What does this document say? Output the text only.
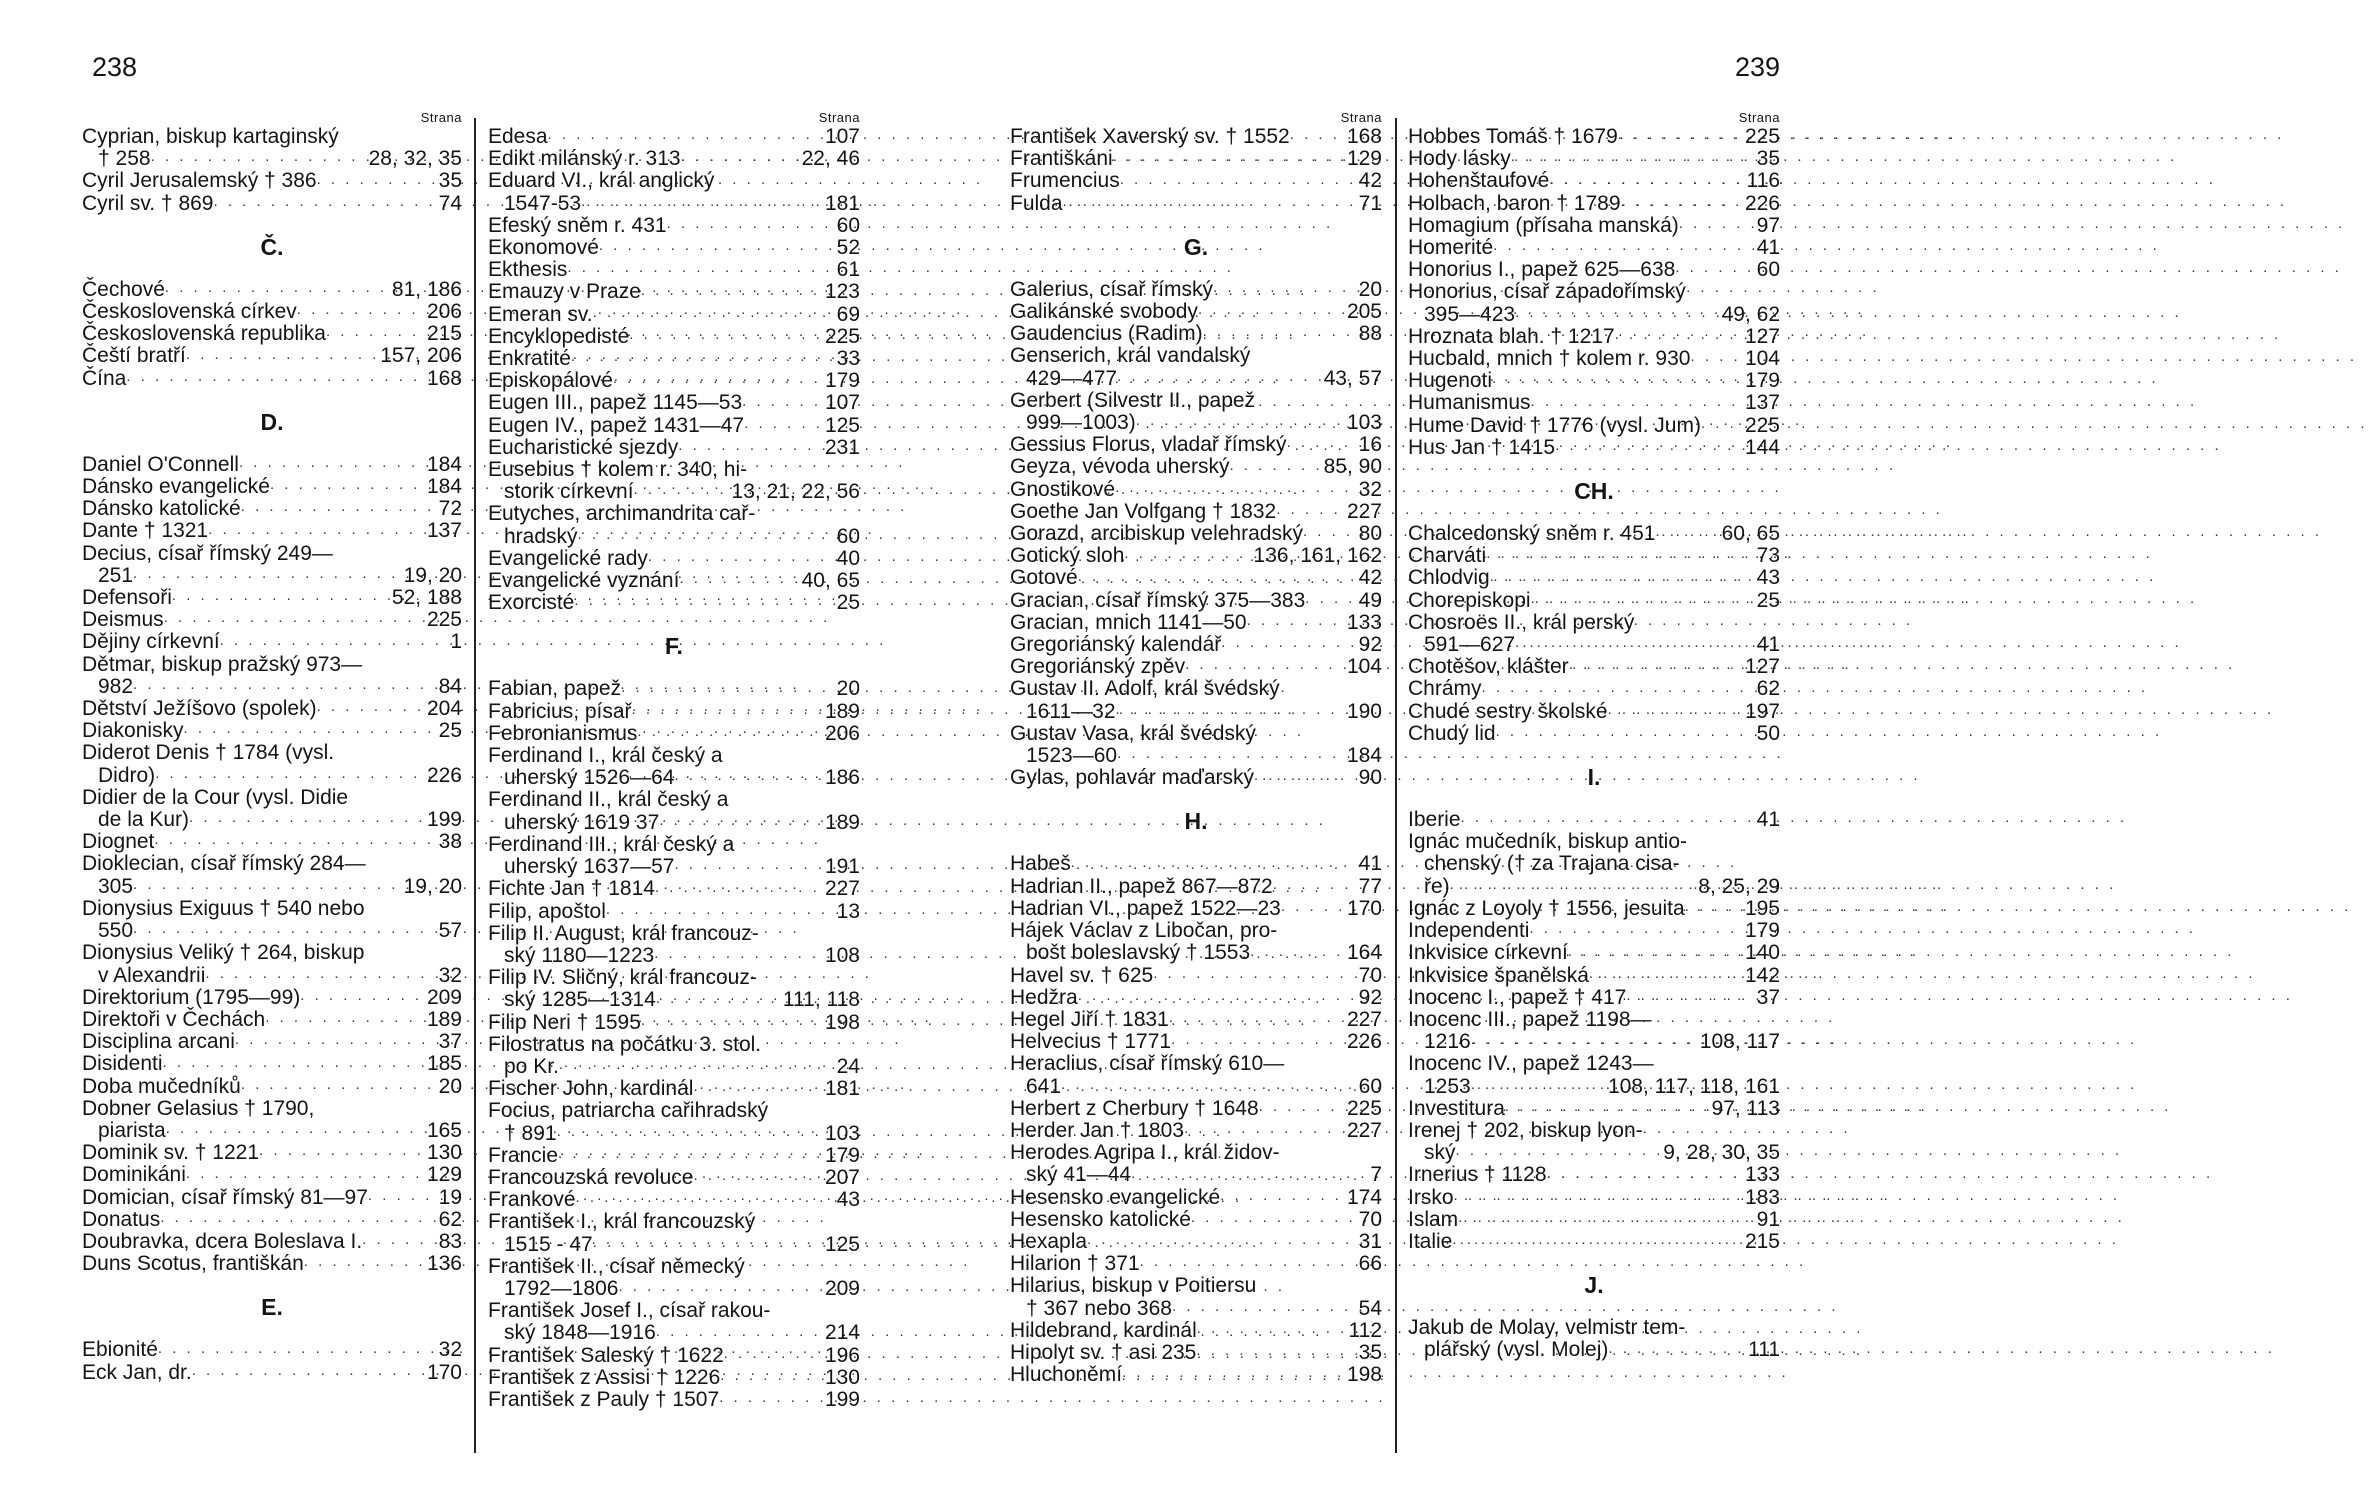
238	239
Strana
Cyprian, biskup kartaginský
† 258 . . .	28, 32, 35
Cyril Jerusalemský † 386 . . .	35
Cyril sv. † 869 . . .	74
Č.
Čechové . . .	81, 186
Československá církev . . .	206
Československá republika . . .	215
Čeští bratří . . .	157, 206
Čína . . .	168
D.
Daniel O'Connell . . .	184
Dánsko evangelické . . .	184
Dánsko katolické . . .	72
Dante † 1321 . . .	137
Decius, císař římský 249—
251 . . .	19, 20
Defensoři . . .	52, 188
Deismus . . .	225
Dějiny církevní . . .	1
Dětmar, biskup pražský 973—
982 . . .	84
Dětství Ježíšovo (spolek) . . .	204
Diakonisky . . .	25
Diderot Denis † 1784 (vysl.
Didro) . . .	226
Didier de la Cour (vysl. Didie
de la Kur) . . .	199
Diognet . . .	38
Dioklecian, císař římský 284—
305 . . .	19, 20
Dionysius Exiguus † 540 nebo
550 . . .	57
Dionysius Veliký † 264, biskup
v Alexandrii . . .	32
Direktorium (1795—99) . . .	209
Direktoři v Čechách . . .	189
Disciplina arcani . . .	37
Disidenti . . .	185
Doba mučedníků . . .	20
Dobner Gelasius † 1790,
piarista . . .	165
Dominik sv. † 1221 . . .	130
Dominikáni . . .	129
Domician, císař římský 81—97 . . .	19
Donatus . . .	62
Doubravka, dcera Boleslava I. . . .	83
Duns Scotus, františkán . . .	136
E.
Ebionité . . .	32
Eck Jan, dr. . . .	170
Strana
Edesa . . .	107
Edikt milánský r. 313 . . .	22, 46
Eduard VI., král anglický
1547-53 . . .	181
Efeský sněm r. 431 . . .	60
Ekonomové . . .	52
Ekthesis . . .	61
Emauzy v Praze . . .	123
Emeran sv. . . .	69
Encyklopedisté . . .	225
Enkratité . . .	33
Episkopálové . . .	179
Eugen III., papež 1145—53 . . .	107
Eugen IV., papež 1431—47 . . .	125
Eucharistické sjezdy . . .	231
Eusebius † kolem r. 340, hi-
storik církevní . . .	13, 21, 22, 56
Eutyches, archimandrita cař-
hradský . . .	60
Evangelické rady . . .	40
Evangelické vyznání . . .	40, 65
Exorcisté . . .	25
F.
Fabian, papež . . .	20
Fabricius, písař . . .	189
Febronianismus . . .	206
Ferdinand I., král český a
uherský 1526—64 . . .	186
Ferdinand II., král český a
uherský 1619 37 . . .	189
Ferdinand III., král český a
uherský 1637—57 . . .	191
Fichte Jan † 1814 . . .	227
Filip, apoštol . . .	13
Filip II. August, král francouz-
ský 1180—1223 . . .	108
Filip IV. Sličný, král francouz-
ský 1285—1314 . . .	111, 118
Filip Neri † 1595 . . .	198
Filostratus na počátku 3. stol.
po Kr. . . .	24
Fischer John, kardinál . . .	181
Focius, patriarcha cařihradský
† 891 . . .	103
Francie . . .	179
Francouzská revoluce . . .	207
Frankové . . .	43
František I., král francouzský
1515 - 47 . . .	125
František II., císař německý
1792—1806 . . .	209
František Josef I., císař rakou-
ský 1848—1916 . . .	214
František Saleský † 1622 . . .	196
František z Assisi † 1226 . . .	130
František z Pauly † 1507 . . .	199
Strana
František Xaverský sv. † 1552 . . .	168
Františkáni . . .	129
Frumencius . . .	42
Fulda . . .	71
G.
Galerius, císař římský . . .	20
Galikánské svobody . . .	205
Gaudencius (Radim) . . .	88
Genserich, král vandalský
429—477 . . .	43, 57
Gerbert (Silvestr II., papež
999—1003) . . .	103
Gessius Florus, vladař římský . . .	16
Geyza, vévoda uherský . . .	85, 90
Gnostikové . . .	32
Goethe Jan Volfgang † 1832 . . .	227
Gorazd, arcibiskup velehradský . . .	80
Gotický sloh . . .	136, 161, 162
Gotové . . .	42
Gracian, císař římský 375—383 . . .	49
Gracian, mnich 1141—50 . . .	133
Gregoriánský kalendář . . .	92
Gregoriánský zpěv . . .	104
Gustav II. Adolf, král švédský
1611—32 . . .	190
Gustav Vasa, král švédský
1523—60 . . .	184
Gylas, pohlavár maďarský . . .	90
H.
Habeš . . .	41
Hadrian II., papež 867—872 . . .	77
Hadrian VI., papež 1522—23 . . .	170
Hájek Václav z Libočan, pro-
bošt boleslavský † 1553 . . .	164
Havel sv. † 625 . . .	70
Hedžra . . .	92
Hegel Jiří † 1831 . . .	227
Helvecius † 1771 . . .	226
Heraclius, císař římský 610—
641 . . .	60
Herbert z Cherbury † 1648 . . .	225
Herder Jan † 1803 . . .	227
Herodes Agripa I., král židov-
ský 41—44 . . .	7
Hesensko evangelické . . .	174
Hesensko katolické . . .	70
Hexapla . . .	31
Hilarion † 371 . . .	66
Hilarius, biskup v Poitiersu
† 367 nebo 368 . . .	54
Hildebrand, kardinál . . .	112
Hipolyt sv. † asi 235 . . .	35
Hluchoněmí . . .	198
Strana
Hobbes Tomáš † 1679 . . .	225
Hody lásky . . .	35
Hohenštaufové . . .	116
Holbach, baron † 1789 . . .	226
Homagium (přísaha manská) . . .	97
Homerité . . .	41
Honorius I., papež 625—638 . . .	60
Honorius, císař západořímský
395—423 . . .	49, 62
Hroznata blah. † 1217 . . .	127
Hucbald, mnich † kolem r. 930 . . .	104
Hugenoti . . .	179
Humanismus . . .	137
Hume David † 1776 (vysl. Jum) . . . 225
Hus Jan † 1415 . . .	144
CH.
Chalcedonský sněm r. 451 . . .	60, 65
Charváti . . .	73
Chlodvig . . .	43
Chorepiskopi . . .	25
Chosroës II., král perský
591—627 . . .	41
Chotěšov, klášter . . .	127
Chrámy . . .	62
Chudé sestry školské . . .	197
Chudý lid . . .	50
I.
Iberie . . .	41
Ignác mučedník, biskup antio-
chenský († za Trajana cisa-
ře) . . .	8, 25, 29
Ignác z Loyoly † 1556, jesuita . . .	195
Independenti . . .	179
Inkvisice církevní . . .	140
Inkvisice španělská . . .	142
Inocenc I., papež † 417 . . .	37
Inocenc III., papež 1198—
1216 . . .	108, 117
Inocenc IV., papež 1243—
1253 . . .	108, 117, 118, 161
Investitura . . .	97, 113
Irenej † 202, biskup lyon-
ský . . .	9, 28, 30, 35
Irnerius † 1128 . . .	133
Irsko . . .	183
Islam . . .	91
Italie . . .	215
J.
Jakub de Molay, velmistr tem-
plářský (vysl. Molej) . . .	111
